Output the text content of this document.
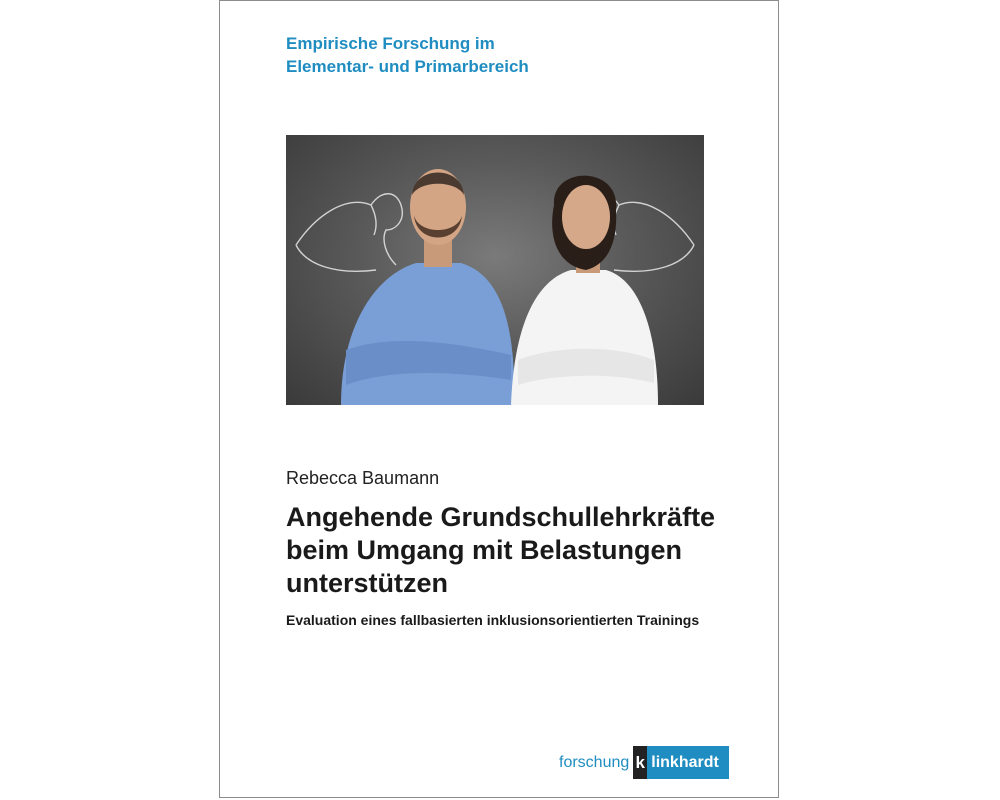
Empirische Forschung im
Elementar- und Primarbereich
Rebecca Baumann
Angehende Grundschullehrkräfte
beim Umgang mit Belastungen
unterstützen
Evaluation eines fallbasierten inklusionsorientierten Trainings
forschung k linkhardt
